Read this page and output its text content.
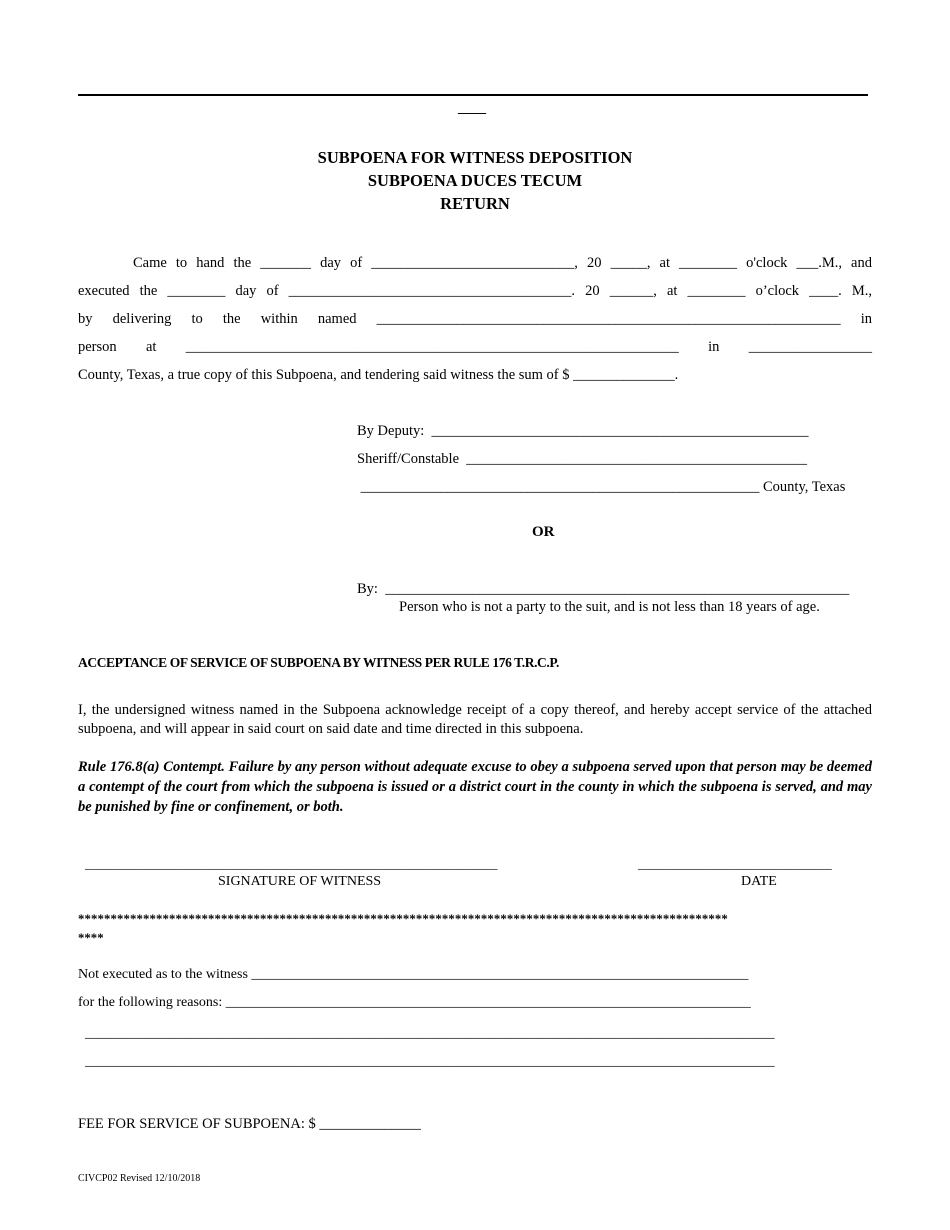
____
SUBPOENA FOR WITNESS DEPOSITION
SUBPOENA DUCES TECUM
RETURN
Came to hand the _______ day of ____________________________, 20 _____, at ________ o'clock ___.M., and
executed the ________ day of _______________________________________. 20 ______, at ________ o’clock ____. M.,
by delivering to the within named ________________________________________________________________ in
person at ____________________________________________________________________ in _________________
County, Texas, a true copy of this Subpoena, and tendering said witness the sum of $ ______________.
By Deputy:  ____________________________________________________
Sheriff/Constable  _______________________________________________
_______________________________________________________ County, Texas
OR
By:  ________________________________________________________________
Person who is not a party to the suit, and is not less than 18 years of age.
ACCEPTANCE OF SERVICE OF SUBPOENA BY WITNESS PER RULE 176 T.R.C.P.
I, the undersigned witness named in the Subpoena acknowledge receipt of a copy thereof, and hereby accept service of the attached subpoena, and will appear in said court on said date and time directed in this subpoena.
Rule 176.8(a) Contempt. Failure by any person without adequate excuse to obey a subpoena served upon that person may be deemed a contempt of the court from which the subpoena is issued or a district court in the county in which the subpoena is served, and may be punished by fine or confinement, or both.
__________________________________________________________________
SIGNATURE OF WITNESS
_______________________________
DATE
****************************************************************************************************
****
Not executed as to the witness _______________________________________________________________________
for the following reasons: ___________________________________________________________________________
_______________________________________________________________________________________________________
_______________________________________________________________________________________________________
FEE FOR SERVICE OF SUBPOENA: $ ______________
CIVCP02 Revised 12/10/2018
